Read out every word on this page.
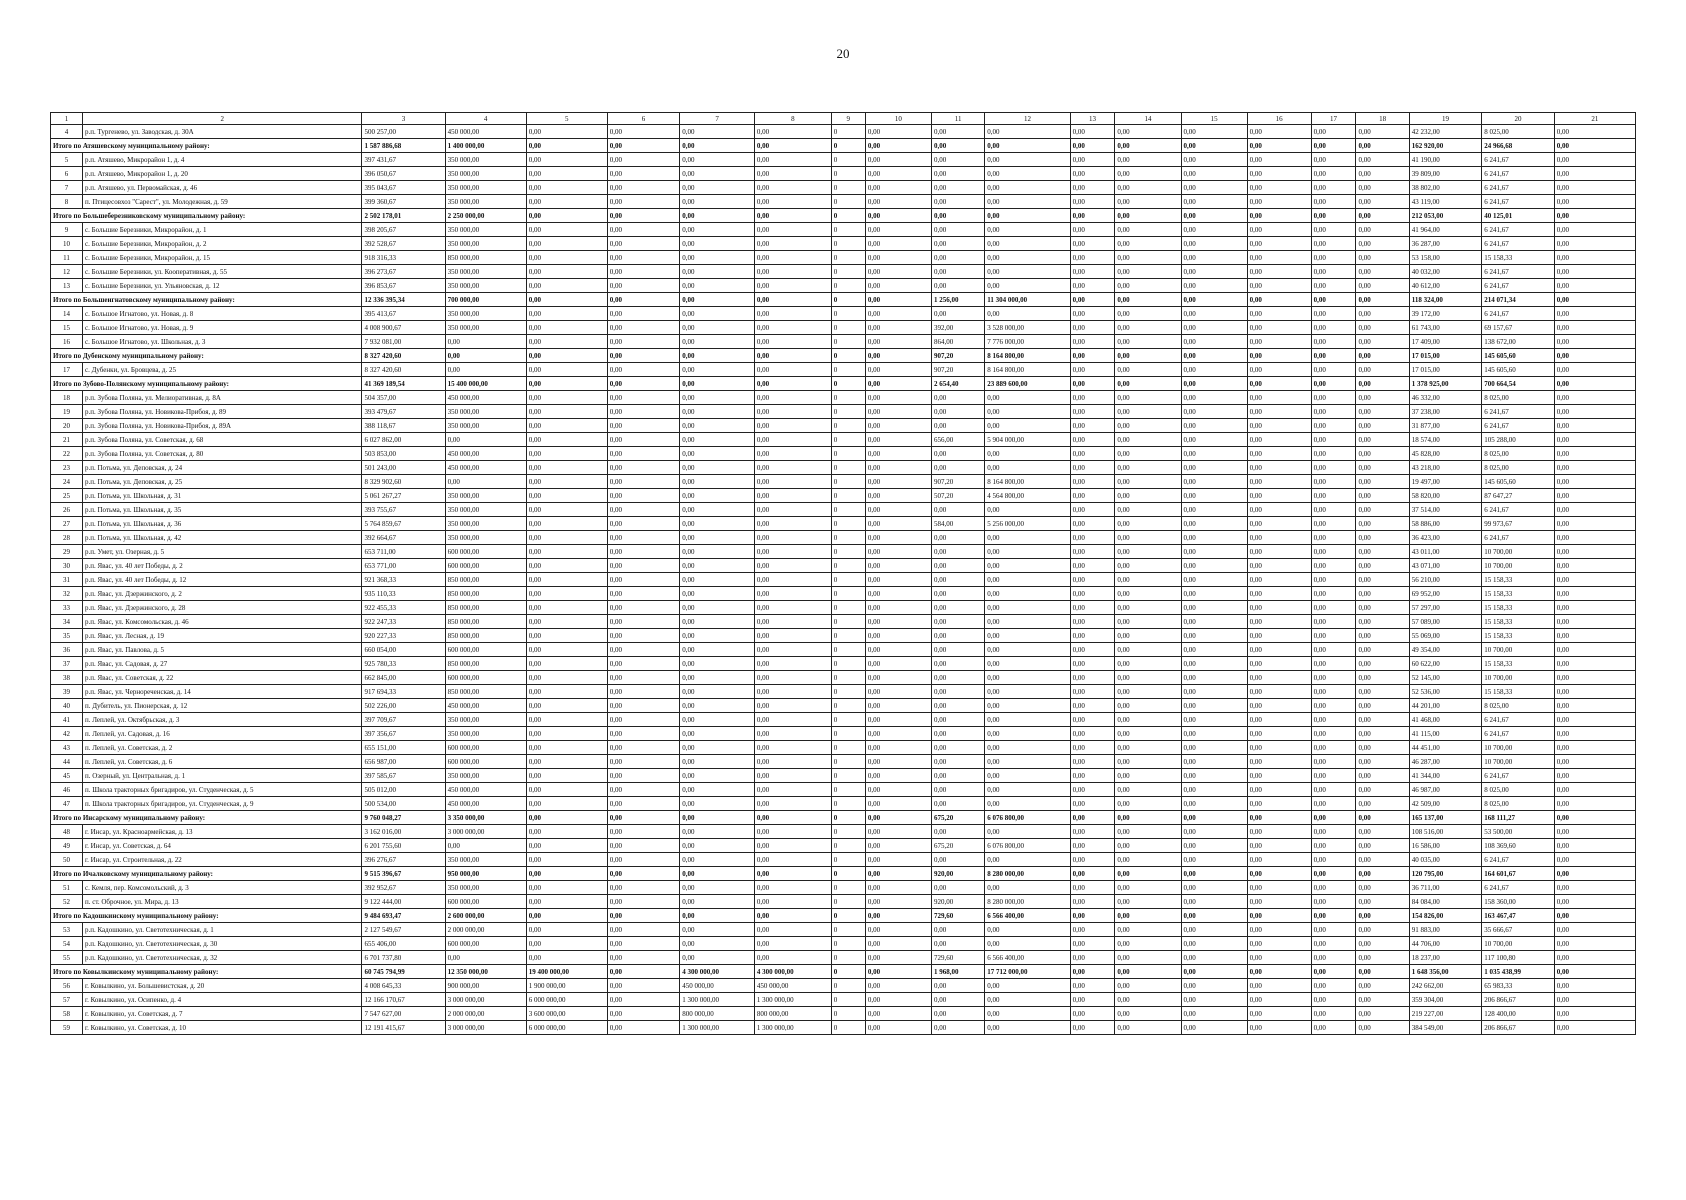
20
1	2	3	4	5	6	7	8	9	10	11	12	13	14	15	16	17	18	19	20	21
4	р.п. Тургенево, ул. Заводская, д. 30А	500 257,00	450 000,00	0,00	0,00	0,00	0,00	0	0,00	0,00	0,00	0,00	0,00	0,00	0,00	0,00	0,00	42 232,00	8 025,00	0,00
Итого по Атяшевскому муниципальному району:		1 587 886,68	1 400 000,00	0,00	0,00	0,00	0,00	0	0,00	0,00	0,00	0,00	0,00	0,00	0,00	0,00	0,00	162 920,00	24 966,68	0,00
5	р.п. Атяшево, Микрорайон 1, д. 4	397 431,67	350 000,00	0,00	0,00	0,00	0,00	0	0,00	0,00	0,00	0,00	0,00	0,00	0,00	0,00	0,00	41 190,00	6 241,67	0,00
6	р.п. Атяшево, Микрорайон 1, д. 20	396 050,67	350 000,00	0,00	0,00	0,00	0,00	0	0,00	0,00	0,00	0,00	0,00	0,00	0,00	0,00	0,00	39 809,00	6 241,67	0,00
7	р.п. Атяшево, ул. Первомайская, д. 46	395 043,67	350 000,00	0,00	0,00	0,00	0,00	0	0,00	0,00	0,00	0,00	0,00	0,00	0,00	0,00	0,00	38 802,00	6 241,67	0,00
8	п. Птицесовхоз "Сарест", ул. Молодежная, д. 59	399 360,67	350 000,00	0,00	0,00	0,00	0,00	0	0,00	0,00	0,00	0,00	0,00	0,00	0,00	0,00	0,00	43 119,00	6 241,67	0,00
Итого по Большеберезниковскому муниципальному району:		2 502 178,01	2 250 000,00	0,00	0,00	0,00	0,00	0	0,00	0,00	0,00	0,00	0,00	0,00	0,00	0,00	0,00	212 053,00	40 125,01	0,00
9	с. Большие Березники, Микрорайон, д. 1	398 205,67	350 000,00	0,00	0,00	0,00	0,00	0	0,00	0,00	0,00	0,00	0,00	0,00	0,00	0,00	0,00	41 964,00	6 241,67	0,00
10	с. Большие Березники, Микрорайон, д. 2	392 528,67	350 000,00	0,00	0,00	0,00	0,00	0	0,00	0,00	0,00	0,00	0,00	0,00	0,00	0,00	0,00	36 287,00	6 241,67	0,00
11	с. Большие Березники, Микрорайон, д. 15	918 316,33	850 000,00	0,00	0,00	0,00	0,00	0	0,00	0,00	0,00	0,00	0,00	0,00	0,00	0,00	0,00	53 158,00	15 158,33	0,00
12	с. Большие Березники, ул. Кооперативная, д. 55	396 273,67	350 000,00	0,00	0,00	0,00	0,00	0	0,00	0,00	0,00	0,00	0,00	0,00	0,00	0,00	0,00	40 032,00	6 241,67	0,00
13	с. Большие Березники, ул. Ульяновская, д. 12	396 853,67	350 000,00	0,00	0,00	0,00	0,00	0	0,00	0,00	0,00	0,00	0,00	0,00	0,00	0,00	0,00	40 612,00	6 241,67	0,00
Итого по Большеигнатовскому муниципальному району:		12 336 395,34	700 000,00	0,00	0,00	0,00	0,00	0	0,00	1 256,00	11 304 000,00	0,00	0,00	0,00	0,00	0,00	0,00	118 324,00	214 071,34	0,00
14	с. Большое Игнатово, ул. Новая, д. 8	395 413,67	350 000,00	0,00	0,00	0,00	0,00	0	0,00	0,00	0,00	0,00	0,00	0,00	0,00	0,00	0,00	39 172,00	6 241,67	0,00
15	с. Большое Игнатово, ул. Новая, д. 9	4 008 900,67	350 000,00	0,00	0,00	0,00	0,00	0	0,00	392,00	3 528 000,00	0,00	0,00	0,00	0,00	0,00	0,00	61 743,00	69 157,67	0,00
16	с. Большое Игнатово, ул. Школьная, д. 3	7 932 081,00	0,00	0,00	0,00	0,00	0,00	0	0,00	864,00	7 776 000,00	0,00	0,00	0,00	0,00	0,00	0,00	17 409,00	138 672,00	0,00
Итого по Дубенскому муниципальному району:		8 327 420,60	0,00	0,00	0,00	0,00	0,00	0	0,00	907,20	8 164 800,00	0,00	0,00	0,00	0,00	0,00	0,00	17 015,00	145 605,60	0,00
17	с. Дубенки, ул. Бровцева, д. 25	8 327 420,60	0,00	0,00	0,00	0,00	0,00	0	0,00	907,20	8 164 800,00	0,00	0,00	0,00	0,00	0,00	0,00	17 015,00	145 605,60	0,00
Итого по Зубово-Полянскому муниципальному району:		41 369 189,54	15 400 000,00	0,00	0,00	0,00	0,00	0	0,00	2 654,40	23 889 600,00	0,00	0,00	0,00	0,00	0,00	0,00	1 378 925,00	700 664,54	0,00
18	р.п. Зубова Поляна, ул. Мелиоративная, д. 8А	504 357,00	450 000,00	0,00	0,00	0,00	0,00	0	0,00	0,00	0,00	0,00	0,00	0,00	0,00	0,00	0,00	46 332,00	8 025,00	0,00
19	р.п. Зубова Поляна, ул. Новикова-Прибоя, д. 89	393 479,67	350 000,00	0,00	0,00	0,00	0,00	0	0,00	0,00	0,00	0,00	0,00	0,00	0,00	0,00	0,00	37 238,00	6 241,67	0,00
20	р.п. Зубова Поляна, ул. Новикова-Прибоя, д. 89А	388 118,67	350 000,00	0,00	0,00	0,00	0,00	0	0,00	0,00	0,00	0,00	0,00	0,00	0,00	0,00	0,00	31 877,00	6 241,67	0,00
21	р.п. Зубова Поляна, ул. Советская, д. 68	6 027 862,00	0,00	0,00	0,00	0,00	0,00	0	0,00	656,00	5 904 000,00	0,00	0,00	0,00	0,00	0,00	0,00	18 574,00	105 288,00	0,00
22	р.п. Зубова Поляна, ул. Советская, д. 80	503 853,00	450 000,00	0,00	0,00	0,00	0,00	0	0,00	0,00	0,00	0,00	0,00	0,00	0,00	0,00	0,00	45 828,00	8 025,00	0,00
23	р.п. Потьма, ул. Деповская, д. 24	501 243,00	450 000,00	0,00	0,00	0,00	0,00	0	0,00	0,00	0,00	0,00	0,00	0,00	0,00	0,00	0,00	43 218,00	8 025,00	0,00
24	р.п. Потьма, ул. Деповская, д. 25	8 329 902,60	0,00	0,00	0,00	0,00	0,00	0	0,00	907,20	8 164 800,00	0,00	0,00	0,00	0,00	0,00	0,00	19 497,00	145 605,60	0,00
25	р.п. Потьма, ул. Школьная, д. 31	5 061 267,27	350 000,00	0,00	0,00	0,00	0,00	0	0,00	507,20	4 564 800,00	0,00	0,00	0,00	0,00	0,00	0,00	58 820,00	87 647,27	0,00
26	р.п. Потьма, ул. Школьная, д. 35	393 755,67	350 000,00	0,00	0,00	0,00	0,00	0	0,00	0,00	0,00	0,00	0,00	0,00	0,00	0,00	0,00	37 514,00	6 241,67	0,00
27	р.п. Потьма, ул. Школьная, д. 36	5 764 859,67	350 000,00	0,00	0,00	0,00	0,00	0	0,00	584,00	5 256 000,00	0,00	0,00	0,00	0,00	0,00	0,00	58 886,00	99 973,67	0,00
28	р.п. Потьма, ул. Школьная, д. 42	392 664,67	350 000,00	0,00	0,00	0,00	0,00	0	0,00	0,00	0,00	0,00	0,00	0,00	0,00	0,00	0,00	36 423,00	6 241,67	0,00
29	р.п. Умет, ул. Озерная, д. 5	653 711,00	600 000,00	0,00	0,00	0,00	0,00	0	0,00	0,00	0,00	0,00	0,00	0,00	0,00	0,00	0,00	43 011,00	10 700,00	0,00
30	р.п. Явас, ул. 40 лет Победы, д. 2	653 771,00	600 000,00	0,00	0,00	0,00	0,00	0	0,00	0,00	0,00	0,00	0,00	0,00	0,00	0,00	0,00	43 071,00	10 700,00	0,00
31	р.п. Явас, ул. 40 лет Победы, д. 12	921 368,33	850 000,00	0,00	0,00	0,00	0,00	0	0,00	0,00	0,00	0,00	0,00	0,00	0,00	0,00	0,00	56 210,00	15 158,33	0,00
32	р.п. Явас, ул. Дзержинского, д. 2	935 110,33	850 000,00	0,00	0,00	0,00	0,00	0	0,00	0,00	0,00	0,00	0,00	0,00	0,00	0,00	0,00	69 952,00	15 158,33	0,00
33	р.п. Явас, ул. Дзержинского, д. 28	922 455,33	850 000,00	0,00	0,00	0,00	0,00	0	0,00	0,00	0,00	0,00	0,00	0,00	0,00	0,00	0,00	57 297,00	15 158,33	0,00
34	р.п. Явас, ул. Комсомольская, д. 46	922 247,33	850 000,00	0,00	0,00	0,00	0,00	0	0,00	0,00	0,00	0,00	0,00	0,00	0,00	0,00	0,00	57 089,00	15 158,33	0,00
35	р.п. Явас, ул. Лесная, д. 19	920 227,33	850 000,00	0,00	0,00	0,00	0,00	0	0,00	0,00	0,00	0,00	0,00	0,00	0,00	0,00	0,00	55 069,00	15 158,33	0,00
36	р.п. Явас, ул. Павлова, д. 5	660 054,00	600 000,00	0,00	0,00	0,00	0,00	0	0,00	0,00	0,00	0,00	0,00	0,00	0,00	0,00	0,00	49 354,00	10 700,00	0,00
37	р.п. Явас, ул. Садовая, д. 27	925 780,33	850 000,00	0,00	0,00	0,00	0,00	0	0,00	0,00	0,00	0,00	0,00	0,00	0,00	0,00	0,00	60 622,00	15 158,33	0,00
38	р.п. Явас, ул. Советская, д. 22	662 845,00	600 000,00	0,00	0,00	0,00	0,00	0	0,00	0,00	0,00	0,00	0,00	0,00	0,00	0,00	0,00	52 145,00	10 700,00	0,00
39	р.п. Явас, ул. Чернореченская, д. 14	917 694,33	850 000,00	0,00	0,00	0,00	0,00	0	0,00	0,00	0,00	0,00	0,00	0,00	0,00	0,00	0,00	52 536,00	15 158,33	0,00
40	п. Дубитель, ул. Пионерская, д. 12	502 226,00	450 000,00	0,00	0,00	0,00	0,00	0	0,00	0,00	0,00	0,00	0,00	0,00	0,00	0,00	0,00	44 201,00	8 025,00	0,00
41	п. Леплей, ул. Октябрьская, д. 3	397 709,67	350 000,00	0,00	0,00	0,00	0,00	0	0,00	0,00	0,00	0,00	0,00	0,00	0,00	0,00	0,00	41 468,00	6 241,67	0,00
42	п. Леплей, ул. Садовая, д. 16	397 356,67	350 000,00	0,00	0,00	0,00	0,00	0	0,00	0,00	0,00	0,00	0,00	0,00	0,00	0,00	0,00	41 115,00	6 241,67	0,00
43	п. Леплей, ул. Советская, д. 2	655 151,00	600 000,00	0,00	0,00	0,00	0,00	0	0,00	0,00	0,00	0,00	0,00	0,00	0,00	0,00	0,00	44 451,00	10 700,00	0,00
44	п. Леплей, ул. Советская, д. 6	656 987,00	600 000,00	0,00	0,00	0,00	0,00	0	0,00	0,00	0,00	0,00	0,00	0,00	0,00	0,00	0,00	46 287,00	10 700,00	0,00
45	п. Озерный, ул. Центральная, д. 1	397 585,67	350 000,00	0,00	0,00	0,00	0,00	0	0,00	0,00	0,00	0,00	0,00	0,00	0,00	0,00	0,00	41 344,00	6 241,67	0,00
46	п. Школа тракторных бригадиров, ул. Студенческая, д. 5	505 012,00	450 000,00	0,00	0,00	0,00	0,00	0	0,00	0,00	0,00	0,00	0,00	0,00	0,00	0,00	0,00	46 987,00	8 025,00	0,00
47	п. Школа тракторных бригадиров, ул. Студенческая, д. 9	500 534,00	450 000,00	0,00	0,00	0,00	0,00	0	0,00	0,00	0,00	0,00	0,00	0,00	0,00	0,00	0,00	42 509,00	8 025,00	0,00
Итого по Инсарскому муниципальному району:		9 760 048,27	3 350 000,00	0,00	0,00	0,00	0,00	0	0,00	675,20	6 076 800,00	0,00	0,00	0,00	0,00	0,00	0,00	165 137,00	168 111,27	0,00
48	г. Инсар, ул. Красноармейская, д. 13	3 162 016,00	3 000 000,00	0,00	0,00	0,00	0,00	0	0,00	0,00	0,00	0,00	0,00	0,00	0,00	0,00	0,00	108 516,00	53 500,00	0,00
49	г. Инсар, ул. Советская, д. 64	6 201 755,60	0,00	0,00	0,00	0,00	0,00	0	0,00	675,20	6 076 800,00	0,00	0,00	0,00	0,00	0,00	0,00	16 586,00	108 369,60	0,00
50	г. Инсар, ул. Строительная, д. 22	396 276,67	350 000,00	0,00	0,00	0,00	0,00	0	0,00	0,00	0,00	0,00	0,00	0,00	0,00	0,00	0,00	40 035,00	6 241,67	0,00
Итого по Ичалковскому муниципальному району:		9 515 396,67	950 000,00	0,00	0,00	0,00	0,00	0	0,00	920,00	8 280 000,00	0,00	0,00	0,00	0,00	0,00	0,00	120 795,00	164 601,67	0,00
51	с. Кемля, пер. Комсомольский, д. 3	392 952,67	350 000,00	0,00	0,00	0,00	0,00	0	0,00	0,00	0,00	0,00	0,00	0,00	0,00	0,00	0,00	36 711,00	6 241,67	0,00
52	п. ст. Оброчное, ул. Мира, д. 13	9 122 444,00	600 000,00	0,00	0,00	0,00	0,00	0	0,00	920,00	8 280 000,00	0,00	0,00	0,00	0,00	0,00	0,00	84 084,00	158 360,00	0,00
Итого по Кадошкинскому муниципальному району:		9 484 693,47	2 600 000,00	0,00	0,00	0,00	0,00	0	0,00	729,60	6 566 400,00	0,00	0,00	0,00	0,00	0,00	0,00	154 826,00	163 467,47	0,00
53	р.п. Кадошкино, ул. Светотехническая, д. 1	2 127 549,67	2 000 000,00	0,00	0,00	0,00	0,00	0	0,00	0,00	0,00	0,00	0,00	0,00	0,00	0,00	0,00	91 883,00	35 666,67	0,00
54	р.п. Кадошкино, ул. Светотехническая, д. 30	655 406,00	600 000,00	0,00	0,00	0,00	0,00	0	0,00	0,00	0,00	0,00	0,00	0,00	0,00	0,00	0,00	44 706,00	10 700,00	0,00
55	р.п. Кадошкино, ул. Светотехническая, д. 32	6 701 737,80	0,00	0,00	0,00	0,00	0,00	0	0,00	729,60	6 566 400,00	0,00	0,00	0,00	0,00	0,00	0,00	18 237,00	117 100,80	0,00
Итого по Ковылкинскому муниципальному району:		60 745 794,99	12 350 000,00	19 400 000,00	0,00	4 300 000,00	4 300 000,00	0	0,00	1 968,00	17 712 000,00	0,00	0,00	0,00	0,00	0,00	0,00	1 648 356,00	1 035 438,99	0,00
56	г. Ковылкино, ул. Большевистская, д. 20	4 008 645,33	900 000,00	1 900 000,00	0,00	450 000,00	450 000,00	0	0,00	0,00	0,00	0,00	0,00	0,00	0,00	0,00	0,00	242 662,00	65 983,33	0,00
57	г. Ковылкино, ул. Осипенко, д. 4	12 166 170,67	3 000 000,00	6 000 000,00	0,00	1 300 000,00	1 300 000,00	0	0,00	0,00	0,00	0,00	0,00	0,00	0,00	0,00	0,00	359 304,00	206 866,67	0,00
58	г. Ковылкино, ул. Советская, д. 7	7 547 627,00	2 000 000,00	3 600 000,00	0,00	800 000,00	800 000,00	0	0,00	0,00	0,00	0,00	0,00	0,00	0,00	0,00	0,00	219 227,00	128 400,00	0,00
59	г. Ковылкино, ул. Советская, д. 10	12 191 415,67	3 000 000,00	6 000 000,00	0,00	1 300 000,00	1 300 000,00	0	0,00	0,00	0,00	0,00	0,00	0,00	0,00	0,00	0,00	384 549,00	206 866,67	0,00
